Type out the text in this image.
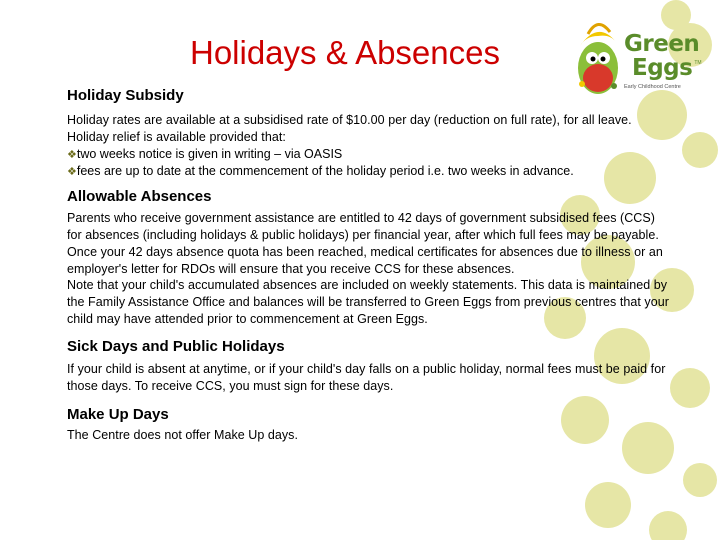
Holidays & Absences	Green
Eggs TM
Early Childhood Centre
Holiday Subsidy

Holiday rates are available at a subsidised rate of $10.00 per day (reduction on full rate), for all leave. Holiday relief is available provided that:

❖two weeks notice is given in writing – via OASIS

❖fees are up to date at the commencement of the holiday period i.e. two weeks in advance.

Allowable Absences

Parents who receive government assistance are entitled to 42 days of government subsidised fees (CCS) for absences (including holidays & public holidays) per financial year, after which full fees may be payable. Once your 42 days absence quota has been reached, medical certificates for absences due to illness or an employer's letter for RDOs will ensure that you receive CCS for these absences.

Note that your child's accumulated absences are included on weekly statements. This data is maintained by the Family Assistance Office and balances will be transferred to Green Eggs from previous centres that your child may have attended prior to commencement at Green Eggs.

Sick Days and Public Holidays

If your child is absent at anytime, or if your child's day falls on a public holiday, normal fees must be paid for those days. To receive CCS, you must sign for these days.

Make Up Days

The Centre does not offer Make Up days.
